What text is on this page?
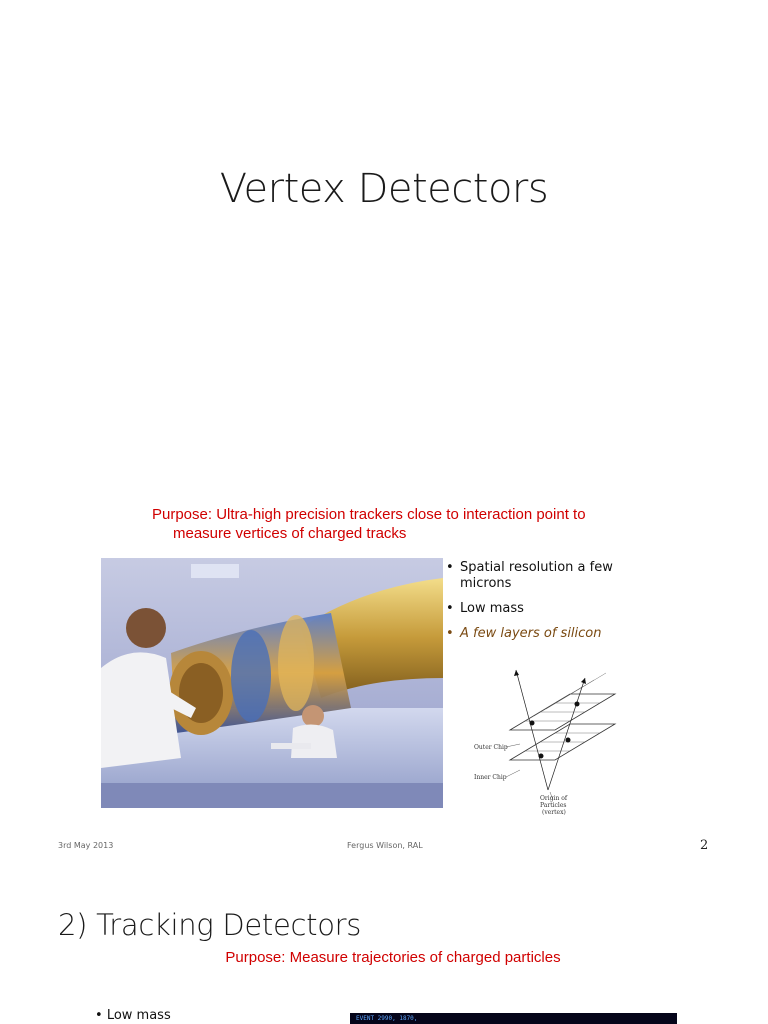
Vertex Detectors
Purpose: Ultra-high precision trackers close to interaction point to
measure vertices of charged tracks
• Spatial resolution a few microns
• Low mass
• A few layers of silicon
Outer Chip
Inner Chip
Origin of
Particles
(vertex)
3rd May 2013	Fergus Wilson, RAL	2
2) Tracking Detectors
Purpose: Measure trajectories of charged particles
• Low mass	EVENT 2990, 1870,
